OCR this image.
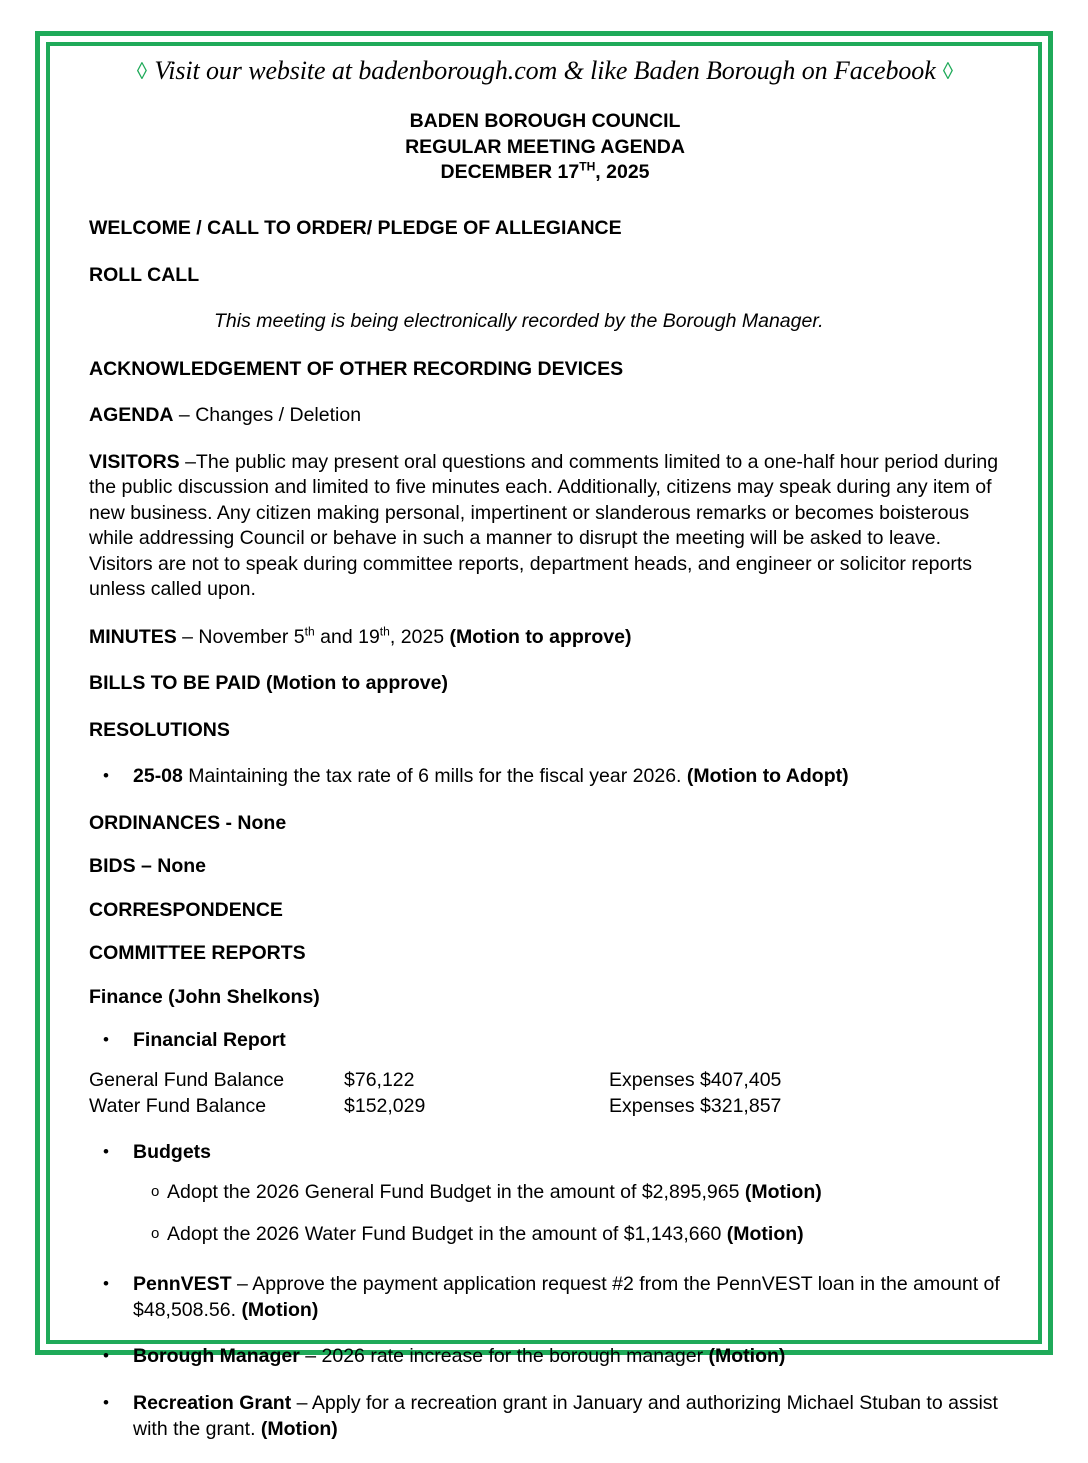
◊ Visit our website at badenborough.com & like Baden Borough on Facebook ◊
BADEN BOROUGH COUNCIL
REGULAR MEETING AGENDA
DECEMBER 17TH, 2025
WELCOME / CALL TO ORDER/ PLEDGE OF ALLEGIANCE
ROLL CALL
This meeting is being electronically recorded by the Borough Manager.
ACKNOWLEDGEMENT OF OTHER RECORDING DEVICES
AGENDA – Changes / Deletion
VISITORS –The public may present oral questions and comments limited to a one-half hour period during the public discussion and limited to five minutes each. Additionally, citizens may speak during any item of new business. Any citizen making personal, impertinent or slanderous remarks or becomes boisterous while addressing Council or behave in such a manner to disrupt the meeting will be asked to leave. Visitors are not to speak during committee reports, department heads, and engineer or solicitor reports unless called upon.
MINUTES – November 5th and 19th, 2025 (Motion to approve)
BILLS TO BE PAID (Motion to approve)
RESOLUTIONS
•	25-08 Maintaining the tax rate of 6 mills for the fiscal year 2026. (Motion to Adopt)
ORDINANCES - None
BIDS – None
CORRESPONDENCE
COMMITTEE REPORTS
Finance (John Shelkons)
•	Financial Report
General Fund Balance	$76,122	Expenses $407,405
Water Fund Balance	$152,029	Expenses $321,857
•	Budgets
o Adopt the 2026 General Fund Budget in the amount of $2,895,965 (Motion)
o Adopt the 2026 Water Fund Budget in the amount of $1,143,660 (Motion)
•	PennVEST – Approve the payment application request #2 from the PennVEST loan in the amount of $48,508.56. (Motion)
•	Borough Manager – 2026 rate increase for the borough manager (Motion)
•	Recreation Grant – Apply for a recreation grant in January and authorizing Michael Stuban to assist with the grant. (Motion)
